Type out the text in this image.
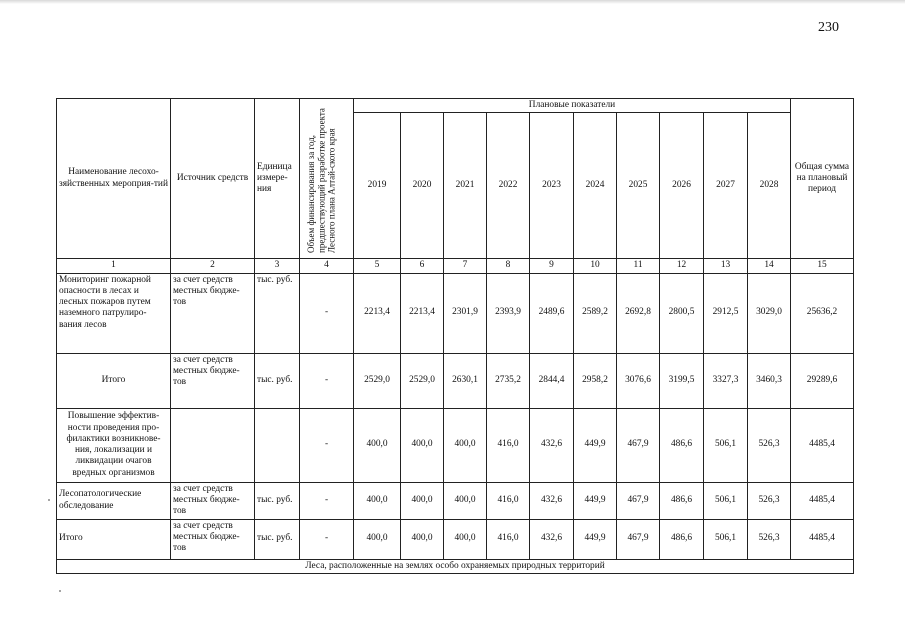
230
Наименование лесохо-зяйственных мероприя-тий	Источник средств	Единица измере-ния	Объем финансирования за год, предшествующий разработке проекта Лесного плана Алтай-ского края	Плановые показатели										Общая сумма на плановый период
				2019	2020	2021	2022	2023	2024	2025	2026	2027	2028	
1	2	3	4	5	6	7	8	9	10	11	12	13	14	15
Мониторинг пожарной опасности в лесах и лесных пожаров путем наземного патрулиро-вания лесов	за счет средств местных бюдже-тов	тыс. руб.	-	2213,4	2213,4	2301,9	2393,9	2489,6	2589,2	2692,8	2800,5	2912,5	3029,0	25636,2
Итого	за счет средств местных бюдже-тов	тыс. руб.	-	2529,0	2529,0	2630,1	2735,2	2844,4	2958,2	3076,6	3199,5	3327,3	3460,3	29289,6
Повышение эффектив-ности проведения про-филактики возникнове-ния, локализации и ликвидации очагов вредных организмов			-	400,0	400,0	400,0	416,0	432,6	449,9	467,9	486,6	506,1	526,3	4485,4
Лесопатологические обследование	за счет средств местных бюдже-тов	тыс. руб.	-	400,0	400,0	400,0	416,0	432,6	449,9	467,9	486,6	506,1	526,3	4485,4
Итого	за счет средств местных бюдже-тов	тыс. руб.	-	400,0	400,0	400,0	416,0	432,6	449,9	467,9	486,6	506,1	526,3	4485,4
Леса, расположенные на землях особо охраняемых природных территорий														
